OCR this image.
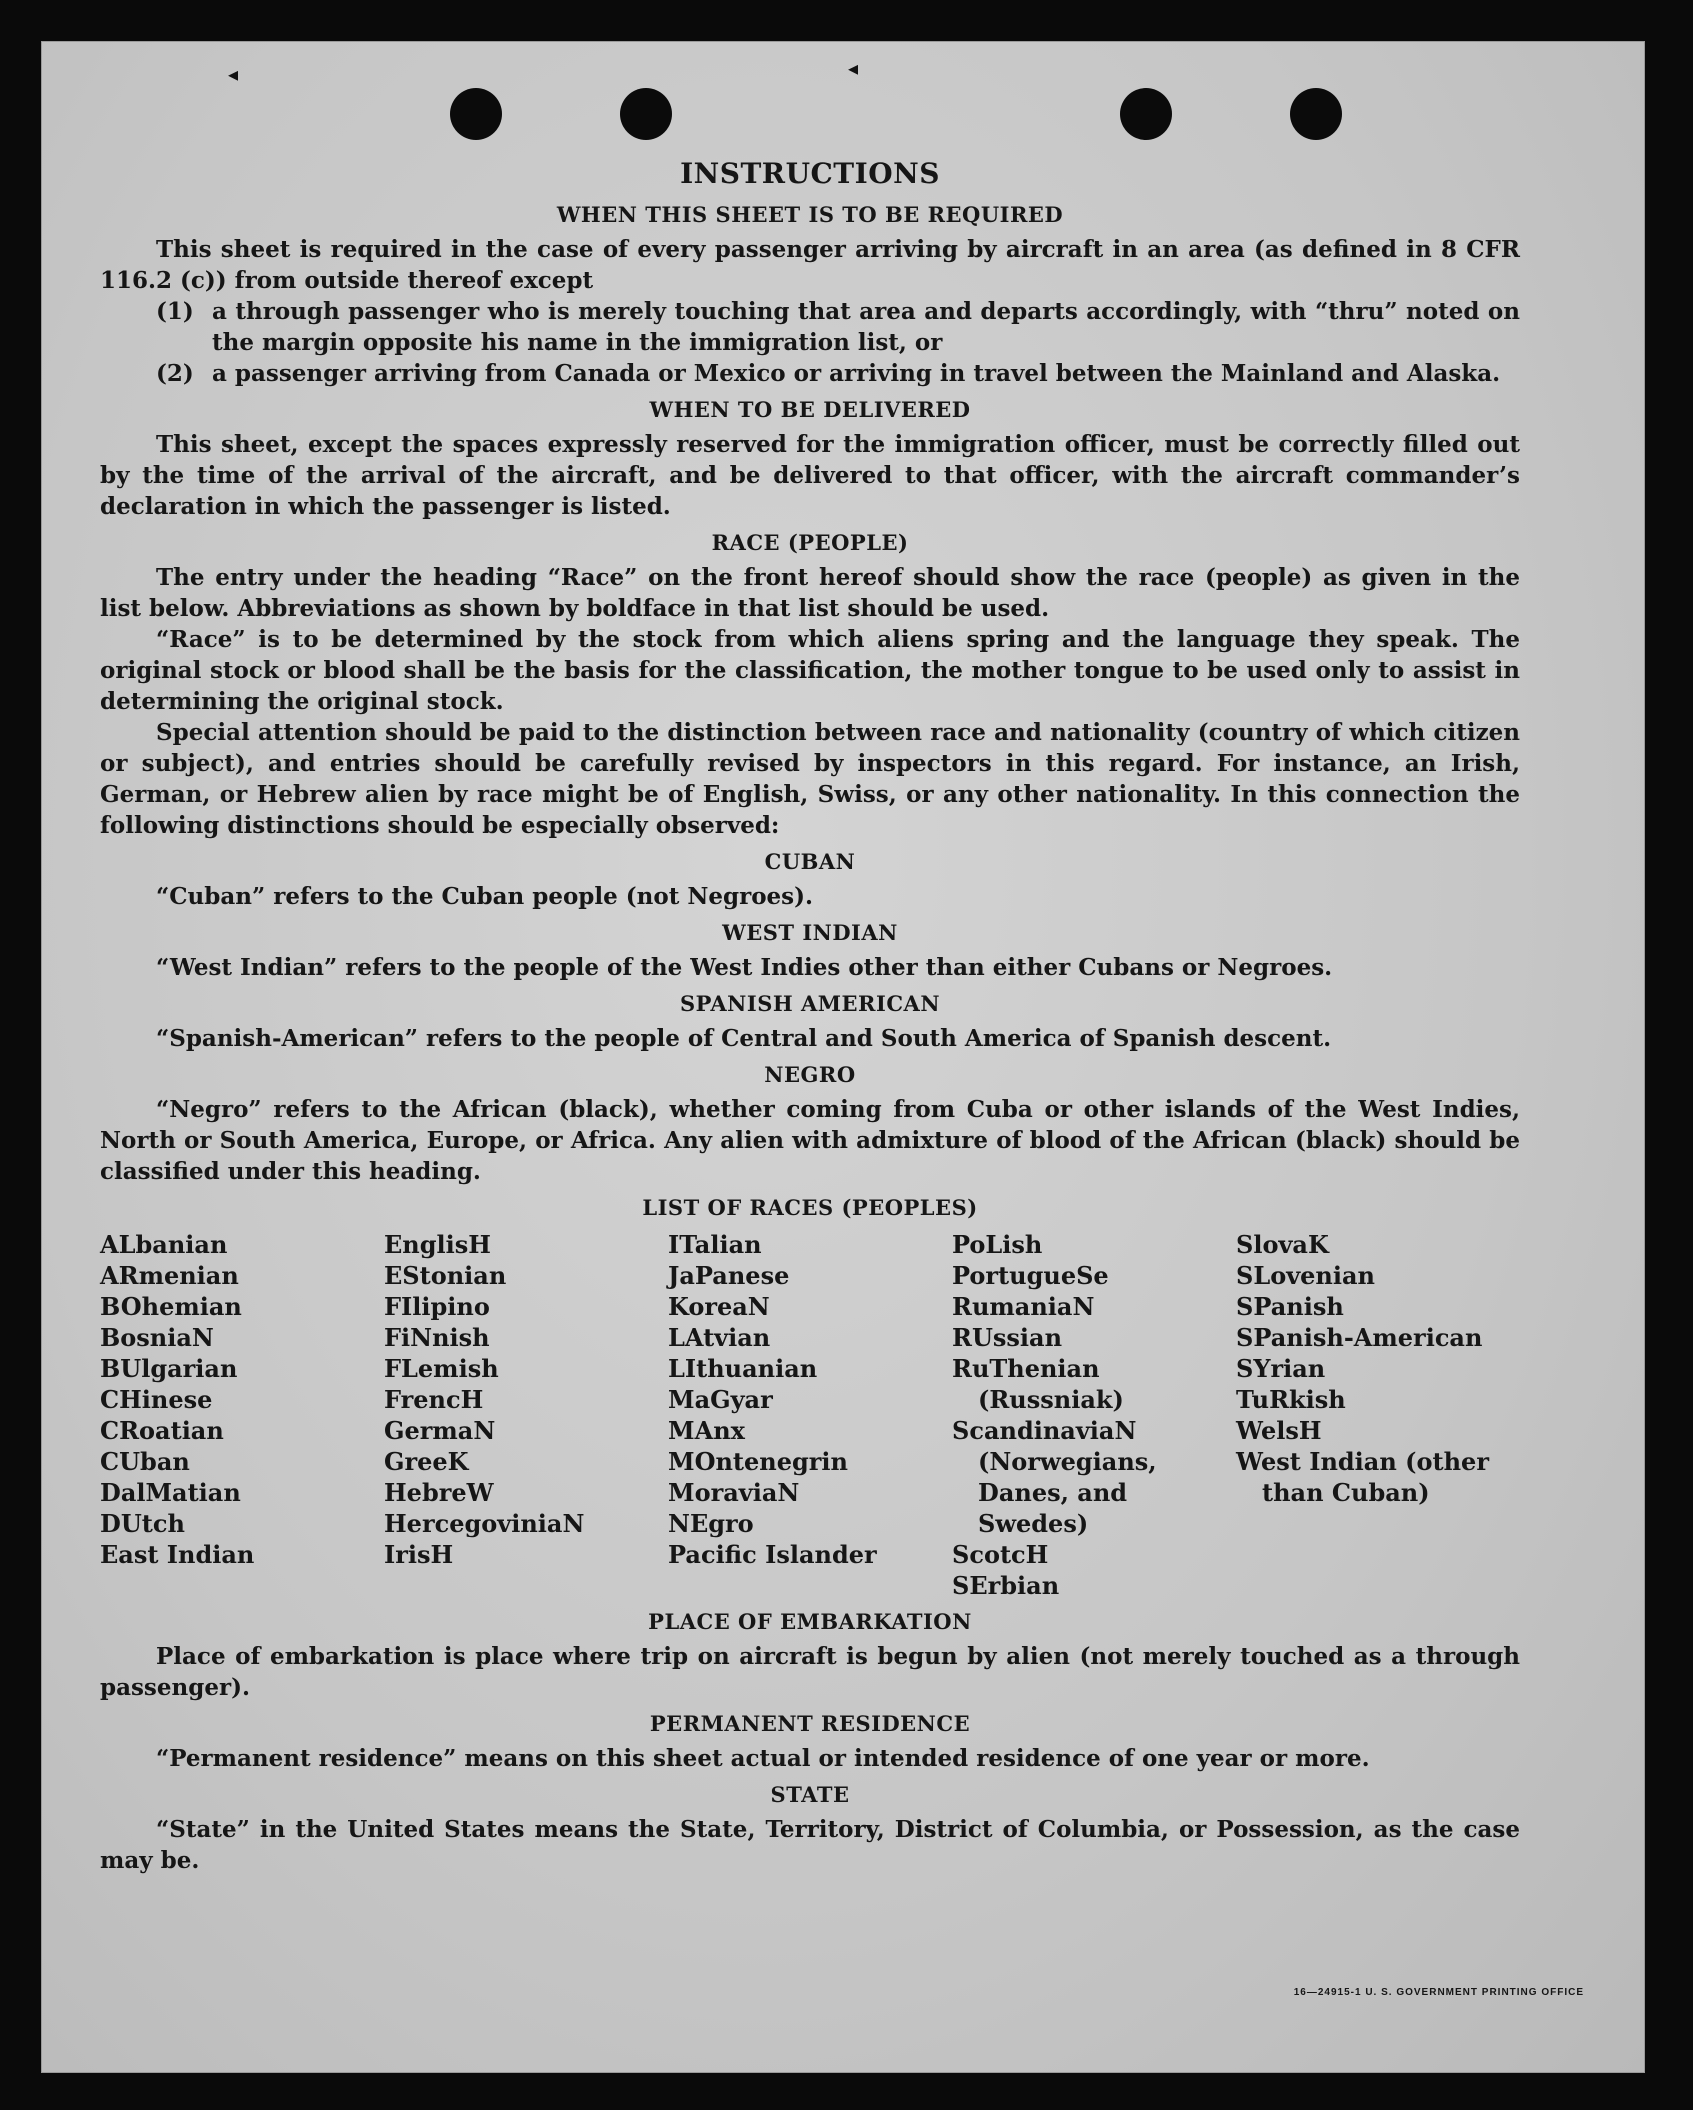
◂	◂
INSTRUCTIONS
WHEN THIS SHEET IS TO BE REQUIRED

This sheet is required in the case of every passenger arriving by aircraft in an area (as defined in 8 CFR 116.2 (c)) from outside thereof except

(1) a through passenger who is merely touching that area and departs accordingly, with “thru” noted on the margin opposite his name in the immigration list, or
(2) a passenger arriving from Canada or Mexico or arriving in travel between the Mainland and Alaska.
WHEN TO BE DELIVERED

This sheet, except the spaces expressly reserved for the immigration officer, must be correctly filled out by the time of the arrival of the aircraft, and be delivered to that officer, with the aircraft commander’s declaration in which the passenger is listed.

RACE (PEOPLE)

The entry under the heading “Race” on the front hereof should show the race (people) as given in the list below. Abbreviations as shown by boldface in that list should be used.

“Race” is to be determined by the stock from which aliens spring and the language they speak. The original stock or blood shall be the basis for the classification, the mother tongue to be used only to assist in determining the original stock.

Special attention should be paid to the distinction between race and nationality (country of which citizen or subject), and entries should be carefully revised by inspectors in this regard. For instance, an Irish, German, or Hebrew alien by race might be of English, Swiss, or any other nationality. In this connection the following distinctions should be especially observed:

CUBAN

“Cuban” refers to the Cuban people (not Negroes).

WEST INDIAN

“West Indian” refers to the people of the West Indies other than either Cubans or Negroes.

SPANISH AMERICAN

“Spanish-American” refers to the people of Central and South America of Spanish descent.

NEGRO

“Negro” refers to the African (black), whether coming from Cuba or other islands of the West Indies, North or South America, Europe, or Africa. Any alien with admixture of blood of the African (black) should be classified under this heading.

LIST OF RACES (PEOPLES)
ALbanian
ARmenian
BOhemian
BosniaN
BUlgarian
CHinese
CRoatian
CUban
DalMatian
DUtch
East Indian
EnglisH
EStonian
FIlipino
FiNnish
FLemish
FrencH
GermaN
GreeK
HebreW
HercegoviniaN
IrisH
ITalian
JaPanese
KoreaN
LAtvian
LIthuanian
MaGyar
MAnx
MOntenegrin
MoraviaN
NEgro
Pacific Islander
PoLish
PortugueSe
RumaniaN
RUssian
RuThenian (Russniak)
ScandinaviaN (Norwegians, Danes, and Swedes)
ScotcH
SErbian
SlovaK
SLovenian
SPanish
SPanish-American
SYrian
TuRkish
WelsH
West Indian (other than Cuban)
PLACE OF EMBARKATION

Place of embarkation is place where trip on aircraft is begun by alien (not merely touched as a through passenger).

PERMANENT RESIDENCE

“Permanent residence” means on this sheet actual or intended residence of one year or more.

STATE

“State” in the United States means the State, Territory, District of Columbia, or Possession, as the case may be.

16—24915-1 U. S. GOVERNMENT PRINTING OFFICE
